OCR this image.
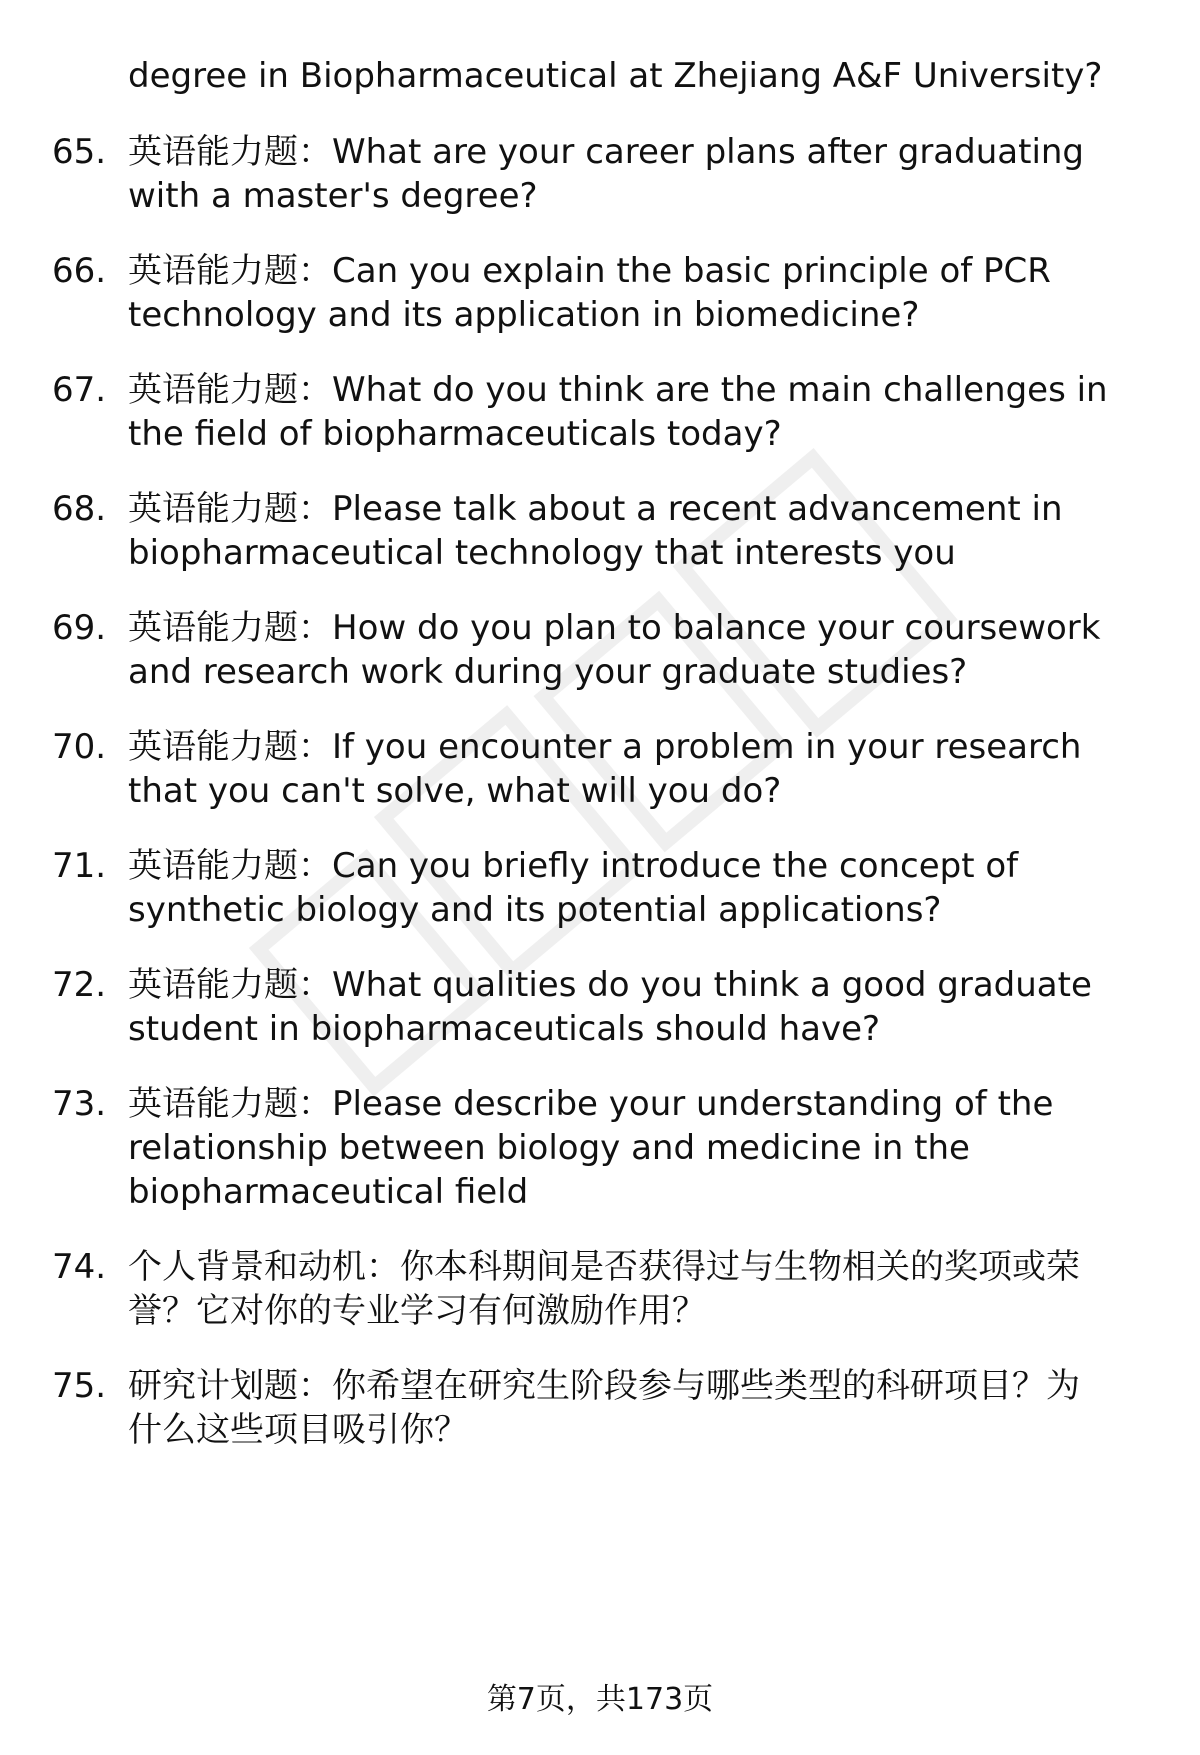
degree in Biopharmaceutical at Zhejiang A&F University?
65. 英语能力题：What are your career plans after graduating
with a master's degree?
66. 英语能力题：Can you explain the basic principle of PCR
technology and its application in biomedicine?
67. 英语能力题：What do you think are the main challenges in
the field of biopharmaceuticals today?
68. 英语能力题：Please talk about a recent advancement in
biopharmaceutical technology that interests you
69. 英语能力题：How do you plan to balance your coursework
and research work during your graduate studies?
70. 英语能力题：If you encounter a problem in your research
that you can't solve, what will you do?
71. 英语能力题：Can you briefly introduce the concept of
synthetic biology and its potential applications?
72. 英语能力题：What qualities do you think a good graduate
student in biopharmaceuticals should have?
73. 英语能力题：Please describe your understanding of the
relationship between biology and medicine in the
biopharmaceutical field
74. 个人背景和动机：你本科期间是否获得过与生物相关的奖项或荣
誉？它对你的专业学习有何激励作用？
75. 研究计划题：你希望在研究生阶段参与哪些类型的科研项目？为
什么这些项目吸引你？
第7页，共173页
